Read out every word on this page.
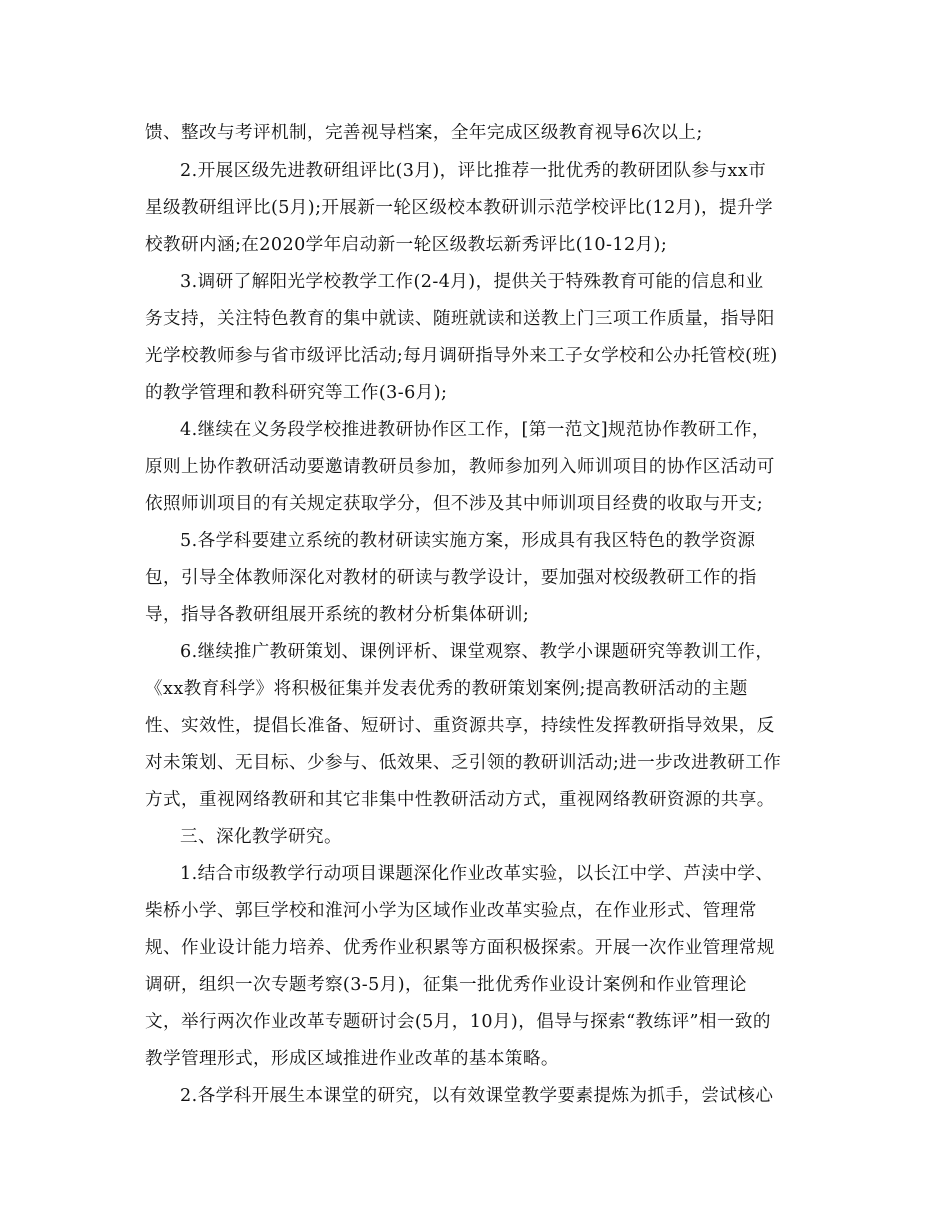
馈、整改与考评机制，完善视导档案，全年完成区级教育视导6次以上;
2.开展区级先进教研组评比(3月)，评比推荐一批优秀的教研团队参与xx市
星级教研组评比(5月);开展新一轮区级校本教研训示范学校评比(12月)，提升学
校教研内涵;在2020学年启动新一轮区级教坛新秀评比(10-12月);
3.调研了解阳光学校教学工作(2-4月)，提供关于特殊教育可能的信息和业
务支持，关注特色教育的集中就读、随班就读和送教上门三项工作质量，指导阳
光学校教师参与省市级评比活动;每月调研指导外来工子女学校和公办托管校(班)
的教学管理和教科研究等工作(3-6月);
4.继续在义务段学校推进教研协作区工作，[第一范文]规范协作教研工作，
原则上协作教研活动要邀请教研员参加，教师参加列入师训项目的协作区活动可
依照师训项目的有关规定获取学分，但不涉及其中师训项目经费的收取与开支;
5.各学科要建立系统的教材研读实施方案，形成具有我区特色的教学资源
包，引导全体教师深化对教材的研读与教学设计，要加强对校级教研工作的指
导，指导各教研组展开系统的教材分析集体研训;
6.继续推广教研策划、课例评析、课堂观察、教学小课题研究等教训工作，
《xx教育科学》将积极征集并发表优秀的教研策划案例;提高教研活动的主题
性、实效性，提倡长准备、短研讨、重资源共享，持续性发挥教研指导效果，反
对未策划、无目标、少参与、低效果、乏引领的教研训活动;进一步改进教研工作
方式，重视网络教研和其它非集中性教研活动方式，重视网络教研资源的共享。
三、深化教学研究。
1.结合市级教学行动项目课题深化作业改革实验，以长江中学、芦渎中学、
柴桥小学、郭巨学校和淮河小学为区域作业改革实验点，在作业形式、管理常
规、作业设计能力培养、优秀作业积累等方面积极探索。开展一次作业管理常规
调研，组织一次专题考察(3-5月)，征集一批优秀作业设计案例和作业管理论
文，举行两次作业改革专题研讨会(5月，10月)，倡导与探索“教练评”相一致的
教学管理形式，形成区域推进作业改革的基本策略。
2.各学科开展生本课堂的研究，以有效课堂教学要素提炼为抓手，尝试核心
